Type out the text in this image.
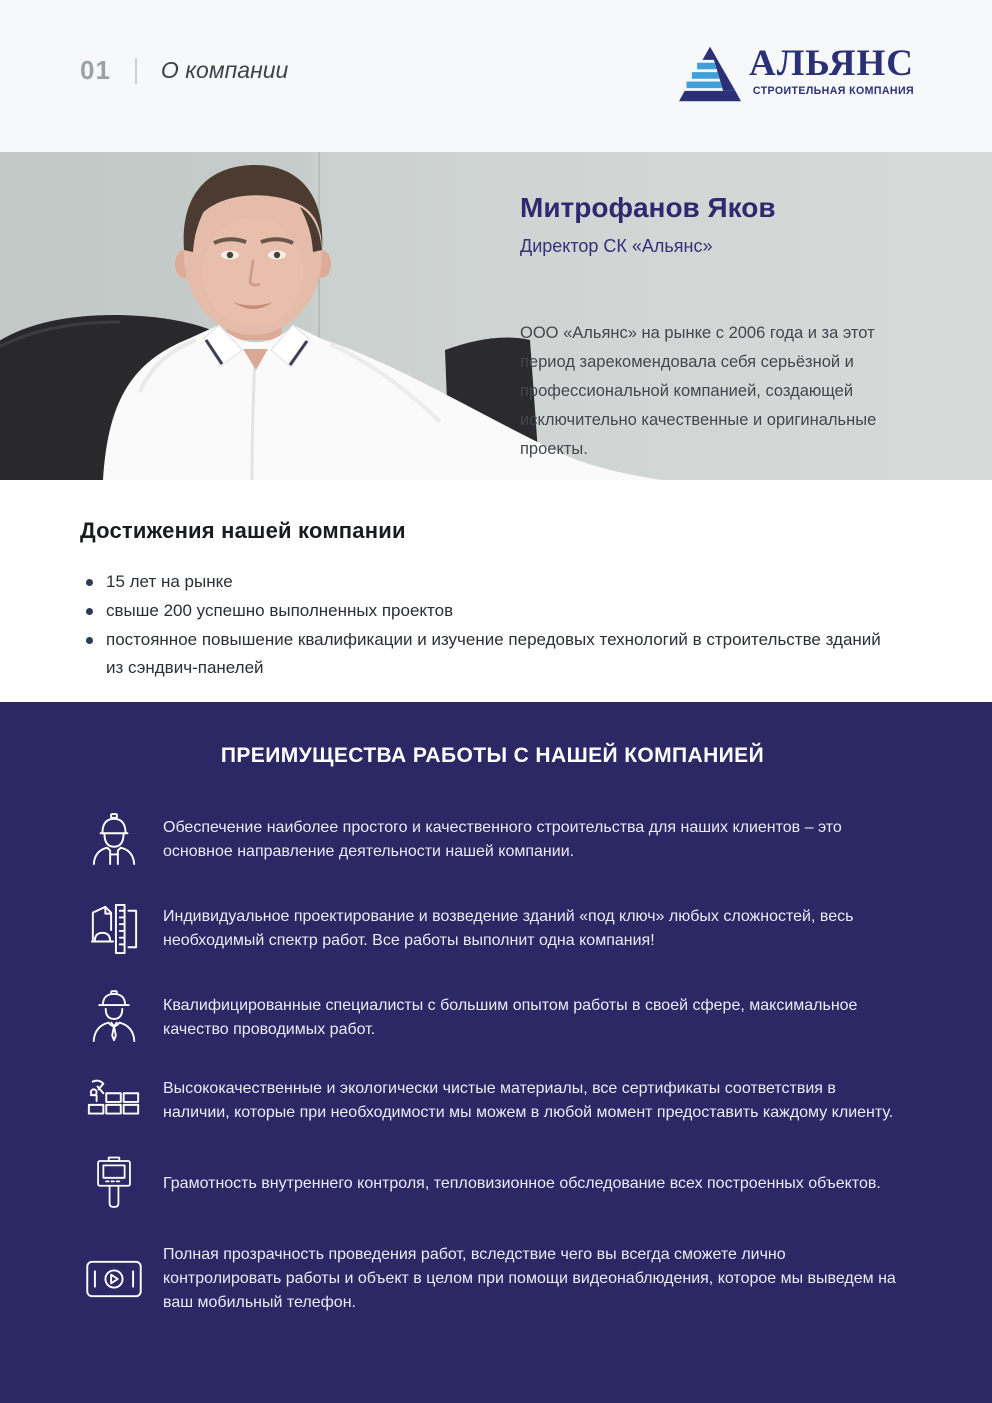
01 О компании	АЛЬЯНС
СТРОИТЕЛЬНАЯ КОМПАНИЯ
Митрофанов Яков
Директор СК «Альянс»
ООО «Альянс» на рынке с 2006 года и за этот период зарекомендовала себя серьёзной и профессиональной компанией, создающей исключительно качественные и оригинальные проекты.
Достижения нашей компании
15 лет на рынке
свыше 200 успешно выполненных проектов
постоянное повышение квалификации и изучение передовых технологий в строительстве зданий из сэндвич-панелей
ПРЕИМУЩЕСТВА РАБОТЫ С НАШЕЙ КОМПАНИЕЙ
Обеспечение наиболее простого и качественного строительства для наших клиентов – это основное направление деятельности нашей компании.
Индивидуальное проектирование и возведение зданий «под ключ» любых сложностей, весь необходимый спектр работ. Все работы выполнит одна компания!
Квалифицированные специалисты с большим опытом работы в своей сфере, максимальное качество проводимых работ.
Высококачественные и экологически чистые материалы, все сертификаты соответствия в наличии, которые при необходимости мы можем в любой момент предоставить каждому клиенту.
Грамотность внутреннего контроля, тепловизионное обследование всех построенных объектов.
Полная прозрачность проведения работ, вследствие чего вы всегда сможете лично контролировать работы и объект в целом при помощи видеонаблюдения, которое мы выведем на ваш мобильный телефон.
